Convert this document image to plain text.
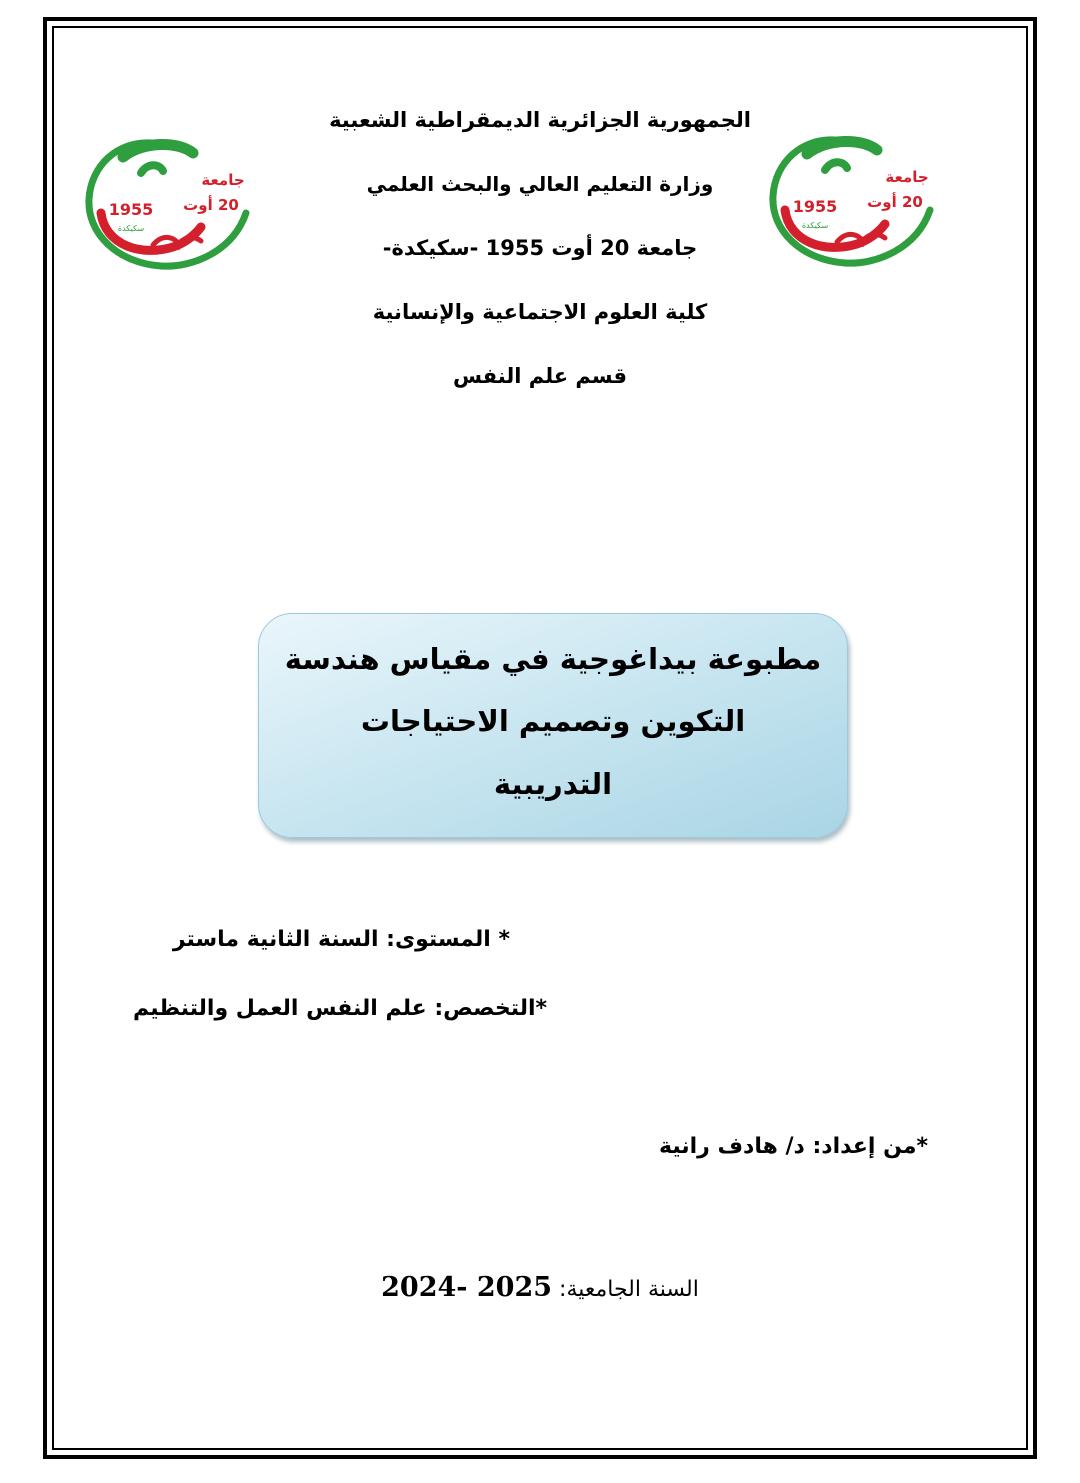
1955
جامعة
20 أوت
سكيكدة
1955
جامعة
20 أوت
سكيكدة
الجمهورية الجزائرية الديمقراطية الشعبية
وزارة التعليم العالي والبحث العلمي
جامعة 20 أوت 1955 -سكيكدة-
كلية العلوم الاجتماعية والإنسانية
قسم علم النفس
مطبوعة بيداغوجية في مقياس هندسة
التكوين وتصميم الاحتياجات
التدريبية
* المستوى: السنة الثانية ماستر
*التخصص: علم النفس العمل والتنظيم
*من إعداد: د/ هادف رانية
السنة الجامعية: 2024- 2025
